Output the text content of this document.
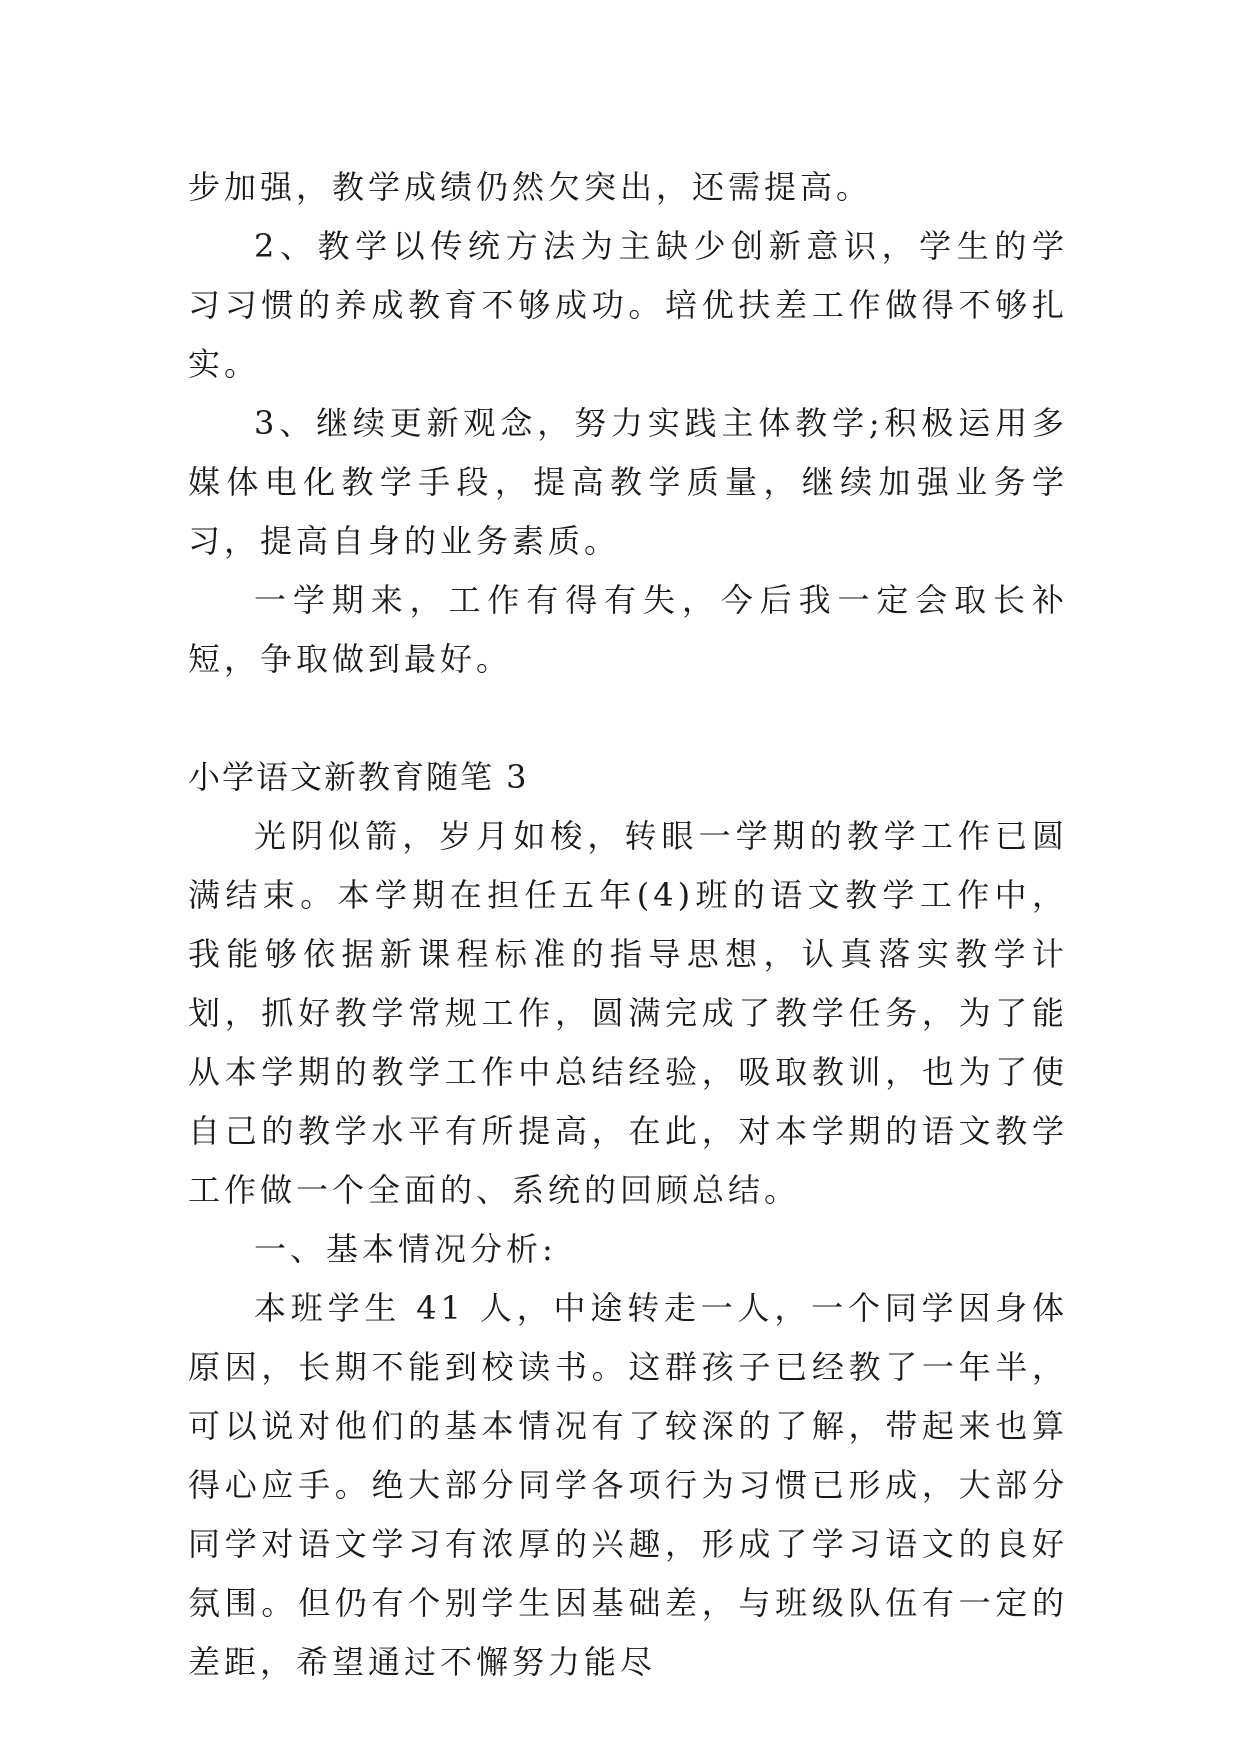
步加强，教学成绩仍然欠突出，还需提高。

2、教学以传统方法为主缺少创新意识，学生的学习习惯的养成教育不够成功。培优扶差工作做得不够扎实。

3、继续更新观念，努力实践主体教学;积极运用多媒体电化教学手段，提高教学质量，继续加强业务学习，提高自身的业务素质。

一学期来，工作有得有失，今后我一定会取长补短，争取做到最好。

小学语文新教育随笔 3

光阴似箭，岁月如梭，转眼一学期的教学工作已圆满结束。本学期在担任五年(4)班的语文教学工作中，我能够依据新课程标准的指导思想，认真落实教学计划，抓好教学常规工作，圆满完成了教学任务，为了能从本学期的教学工作中总结经验，吸取教训，也为了使自己的教学水平有所提高，在此，对本学期的语文教学工作做一个全面的、系统的回顾总结。

一、基本情况分析:

本班学生 41 人，中途转走一人，一个同学因身体原因，长期不能到校读书。这群孩子已经教了一年半，可以说对他们的基本情况有了较深的了解，带起来也算得心应手。绝大部分同学各项行为习惯已形成，大部分同学对语文学习有浓厚的兴趣，形成了学习语文的良好氛围。但仍有个别学生因基础差，与班级队伍有一定的差距，希望通过不懈努力能尽
